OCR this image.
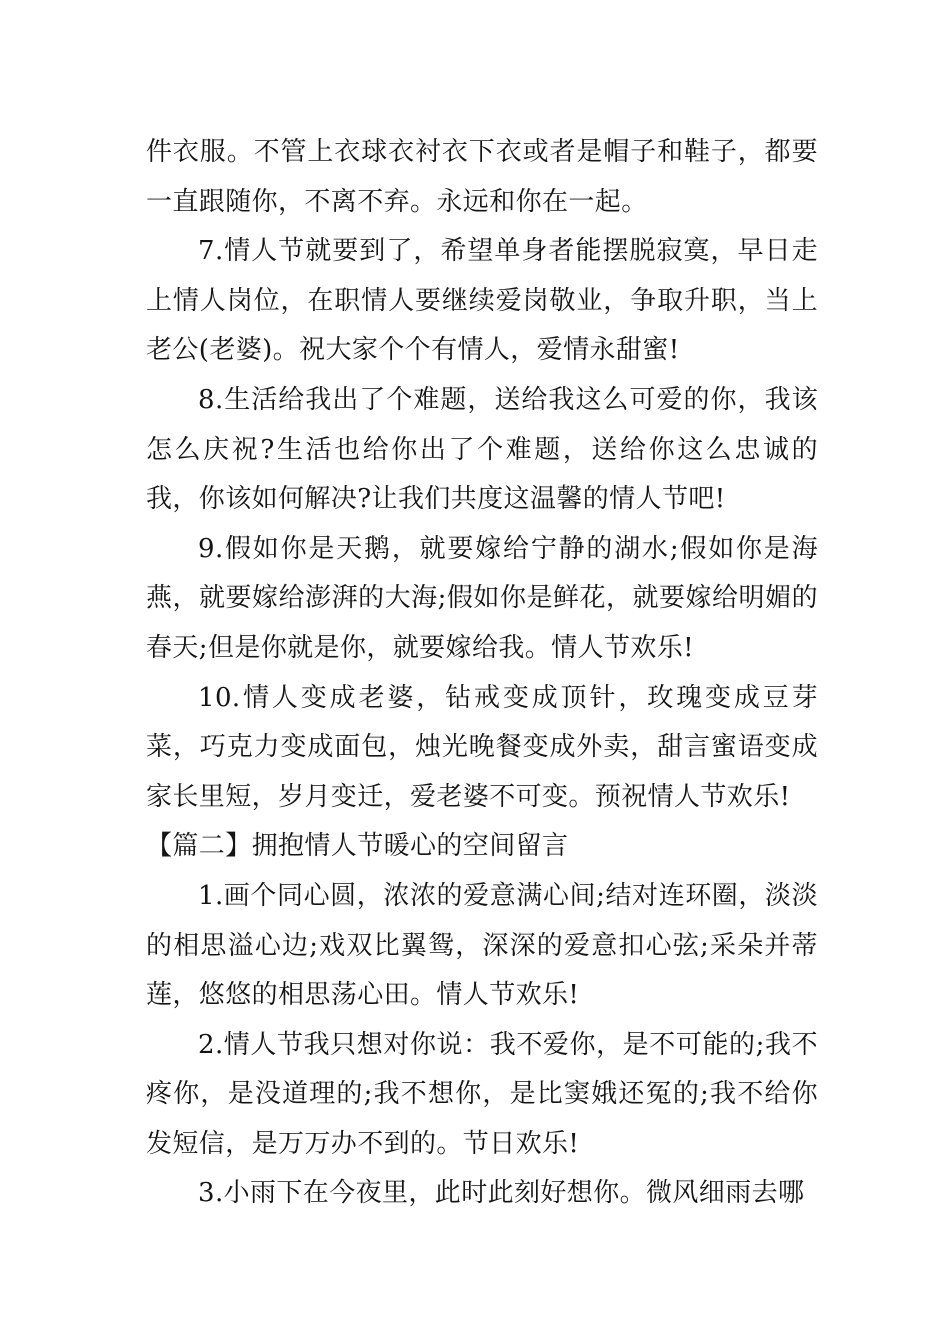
件衣服。不管上衣球衣衬衣下衣或者是帽子和鞋子，都要一直跟随你，不离不弃。永远和你在一起。

7.情人节就要到了，希望单身者能摆脱寂寞，早日走上情人岗位，在职情人要继续爱岗敬业，争取升职，当上老公(老婆)。祝大家个个有情人，爱情永甜蜜!

8.生活给我出了个难题，送给我这么可爱的你，我该怎么庆祝?生活也给你出了个难题，送给你这么忠诚的我，你该如何解决?让我们共度这温馨的情人节吧!

9.假如你是天鹅，就要嫁给宁静的湖水;假如你是海燕，就要嫁给澎湃的大海;假如你是鲜花，就要嫁给明媚的春天;但是你就是你，就要嫁给我。情人节欢乐!

10.情人变成老婆，钻戒变成顶针，玫瑰变成豆芽菜，巧克力变成面包，烛光晚餐变成外卖，甜言蜜语变成家长里短，岁月变迁，爱老婆不可变。预祝情人节欢乐!

【篇二】拥抱情人节暖心的空间留言

1.画个同心圆，浓浓的爱意满心间;结对连环圈，淡淡的相思溢心边;戏双比翼鸳，深深的爱意扣心弦;采朵并蒂莲，悠悠的相思荡心田。情人节欢乐!

2.情人节我只想对你说：我不爱你，是不可能的;我不疼你，是没道理的;我不想你，是比窦娥还冤的;我不给你发短信，是万万办不到的。节日欢乐!

3.小雨下在今夜里，此时此刻好想你。微风细雨去哪
